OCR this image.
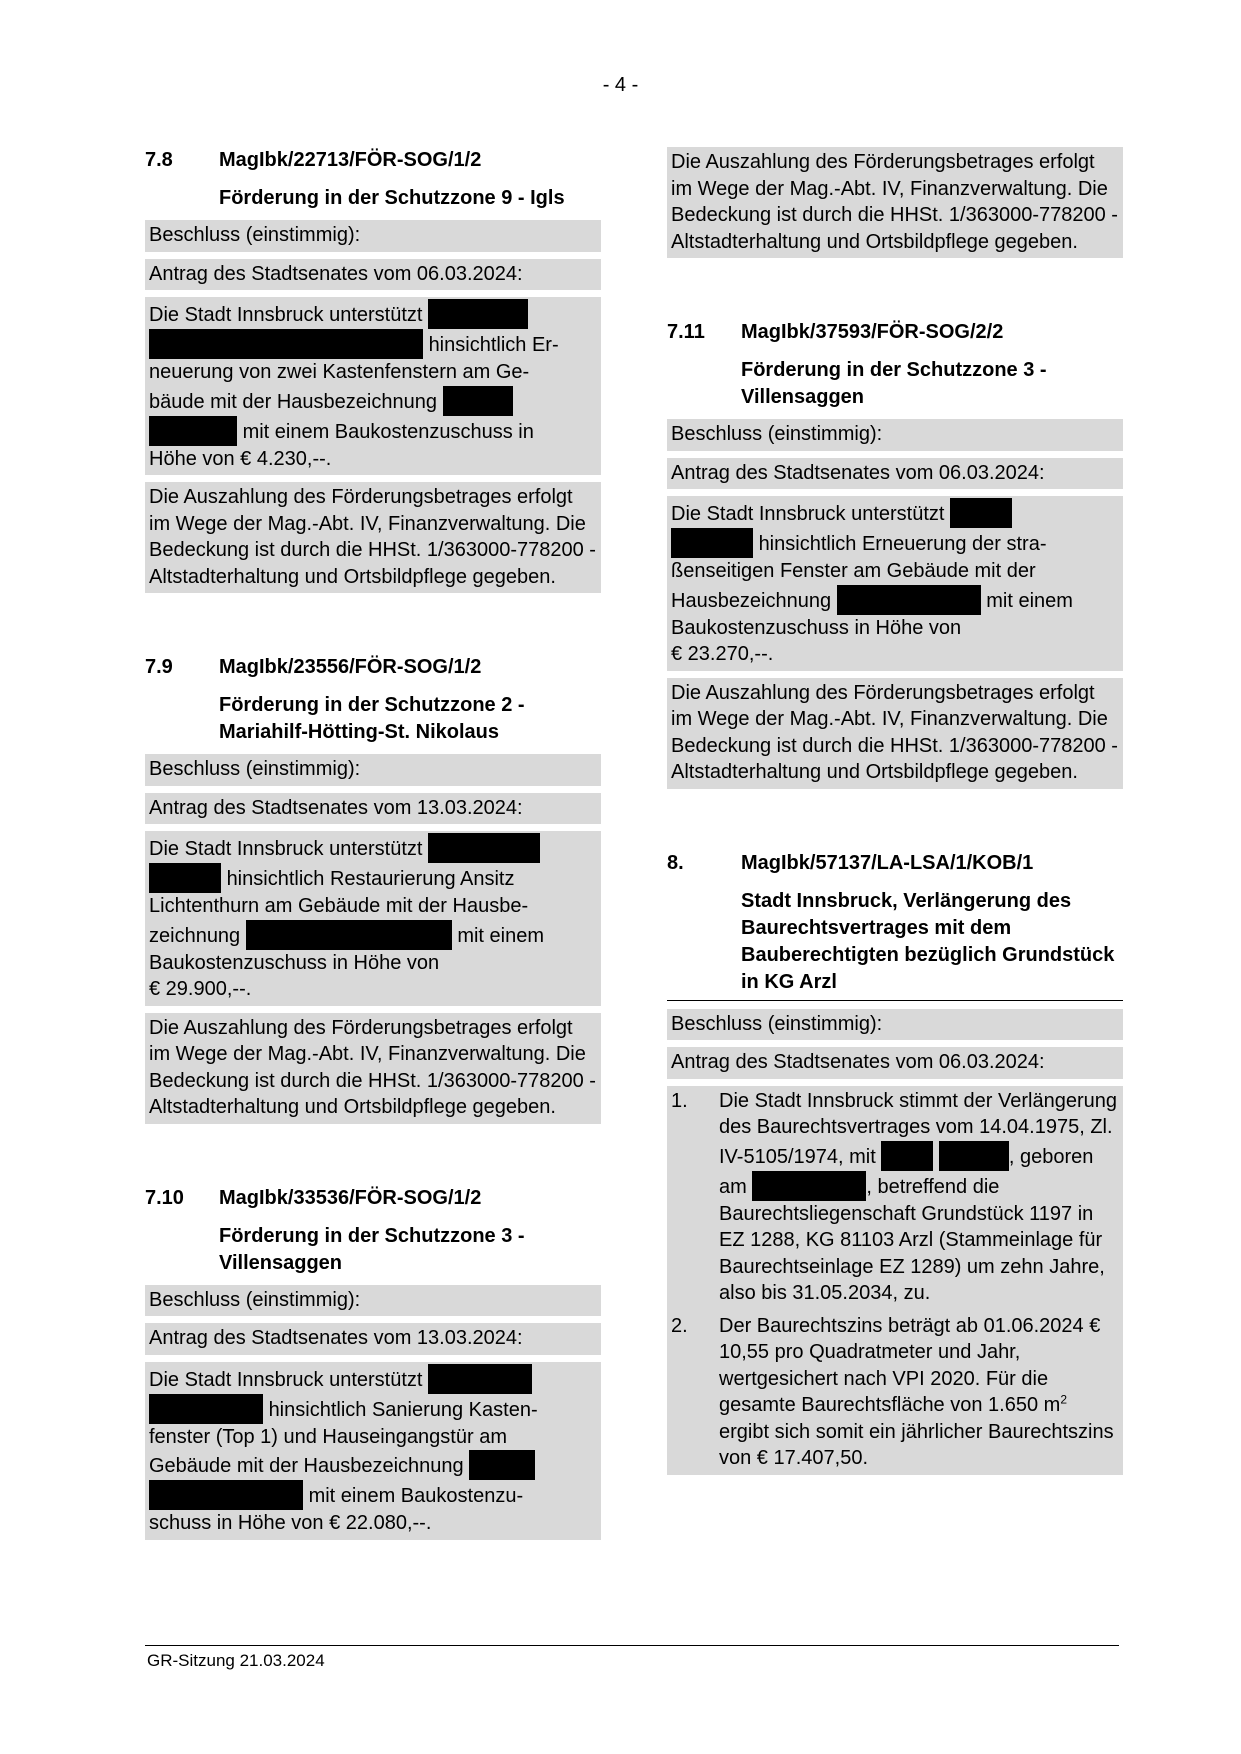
- 4 -
7.8	MagIbk/22713/FÖR-SOG/1/2
Förderung in der Schutzzone 9 - Igls
Beschluss (einstimmig):
Antrag des Stadtsenates vom 06.03.2024:
Die Stadt Innsbruck unterstützt
hinsichtlich Er-
neuerung von zwei Kastenfenstern am Ge-
bäude mit der Hausbezeichnung
mit einem Baukostenzuschuss in
Höhe von € 4.230,--.
Die Auszahlung des Förderungsbetrages erfolgt im Wege der Mag.-Abt. IV, Finanzverwaltung. Die Bedeckung ist durch die HHSt. 1/363000-778200 - Altstadterhaltung und Ortsbildpflege gegeben.
7.9	MagIbk/23556/FÖR-SOG/1/2
Förderung in der Schutzzone 2 - Mariahilf-Hötting-St. Nikolaus
Beschluss (einstimmig):
Antrag des Stadtsenates vom 13.03.2024:
Die Stadt Innsbruck unterstützt
hinsichtlich Restaurierung Ansitz
Lichtenthurn am Gebäude mit der Hausbe-
zeichnung	mit einem
Baukostenzuschuss in Höhe von
€ 29.900,--.
Die Auszahlung des Förderungsbetrages erfolgt im Wege der Mag.-Abt. IV, Finanzverwaltung. Die Bedeckung ist durch die HHSt. 1/363000-778200 - Altstadterhaltung und Ortsbildpflege gegeben.
7.10	MagIbk/33536/FÖR-SOG/1/2
Förderung in der Schutzzone 3 - Villensaggen
Beschluss (einstimmig):
Antrag des Stadtsenates vom 13.03.2024:
Die Stadt Innsbruck unterstützt
hinsichtlich Sanierung Kasten-
fenster (Top 1) und Hauseingangstür am
Gebäude mit der Hausbezeichnung
mit einem Baukostenzu-
schuss in Höhe von € 22.080,--.
Die Auszahlung des Förderungsbetrages erfolgt im Wege der Mag.-Abt. IV, Finanzverwaltung. Die Bedeckung ist durch die HHSt. 1/363000-778200 - Altstadterhaltung und Ortsbildpflege gegeben.
7.11	MagIbk/37593/FÖR-SOG/2/2
Förderung in der Schutzzone 3 - Villensaggen
Beschluss (einstimmig):
Antrag des Stadtsenates vom 06.03.2024:
Die Stadt Innsbruck unterstützt
hinsichtlich Erneuerung der stra-
ßenseitigen Fenster am Gebäude mit der
Hausbezeichnung	mit einem
Baukostenzuschuss in Höhe von
€ 23.270,--.
Die Auszahlung des Förderungsbetrages erfolgt im Wege der Mag.-Abt. IV, Finanzverwaltung. Die Bedeckung ist durch die HHSt. 1/363000-778200 - Altstadterhaltung und Ortsbildpflege gegeben.
8.	MagIbk/57137/LA-LSA/1/KOB/1
Stadt Innsbruck, Verlängerung des Baurechtsvertrages mit dem Bauberechtigten bezüglich Grundstück in KG Arzl
Beschluss (einstimmig):
Antrag des Stadtsenates vom 06.03.2024:
1.	Die Stadt Innsbruck stimmt der Verlängerung des Baurechtsvertrages vom 14.04.1975, Zl. IV-5105/1974, mit	, geboren am	, betreffend die Baurechtsliegenschaft Grundstück 1197 in EZ 1288, KG 81103 Arzl (Stammeinlage für Baurechtseinlage EZ 1289) um zehn Jahre, also bis 31.05.2034, zu.
2.	Der Baurechtszins beträgt ab 01.06.2024 € 10,55 pro Quadratmeter und Jahr, wertgesichert nach VPI 2020. Für die gesamte Baurechtsfläche von 1.650 $m^2$ ergibt sich somit ein jährlicher Baurechtszins von € 17.407,50.
GR-Sitzung 21.03.2024
